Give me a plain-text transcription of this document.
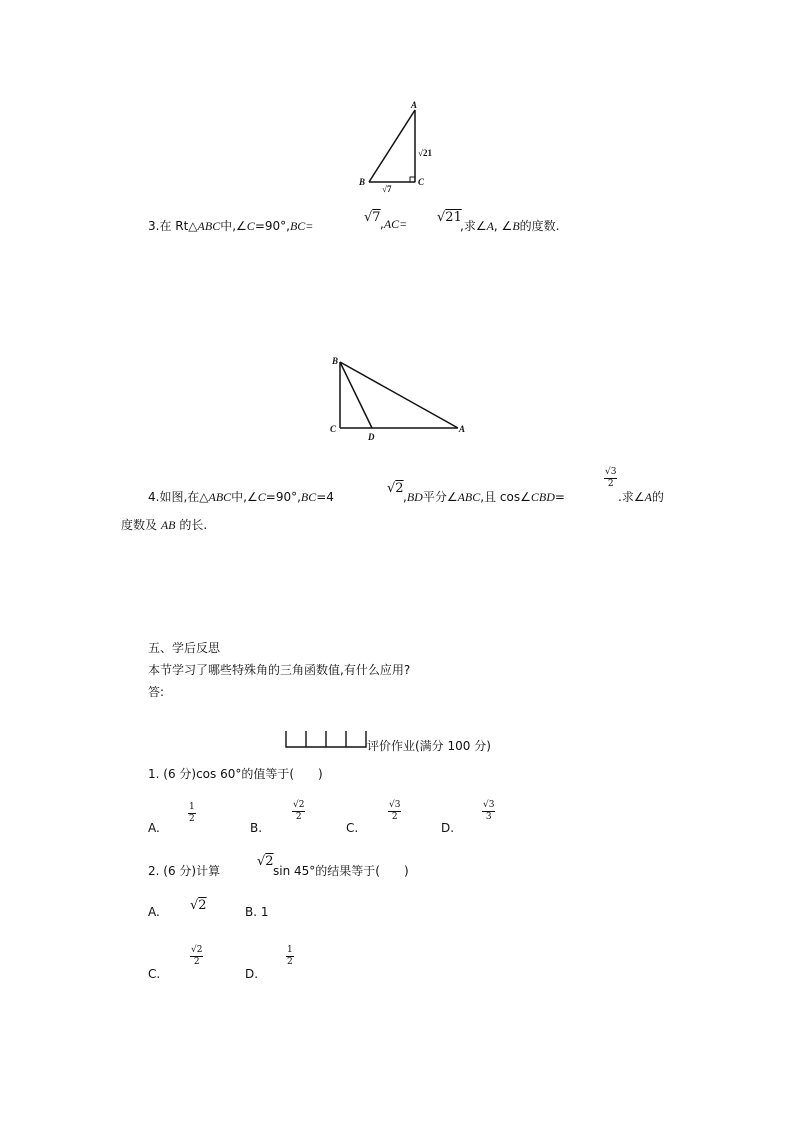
A
B	C
√21
√7
3.在 Rt△ABC中,∠C=90°,BC=
√7 ,AC= √21
,求∠A, ∠B的度数.
B
C
D
A
4.如图,在△ABC中,∠C=90°,BC=4
√2
,BD平分∠ABC,且 cos∠CBD=
√3
2
.求∠A的
度数及 AB 的长.
五、学后反思
本节学习了哪些特殊角的三角函数值,有什么应用?
答:
评价作业(满分 100 分)
1. (6 分)cos 60°的值等于(　　)
A.
1
2
B.
√2
2
C.
√3
2
D.
√3
3
2. (6 分)计算
√2
sin 45°的结果等于(　　)
A. √2	B. 1
C.
√2
2
D.
1
2
